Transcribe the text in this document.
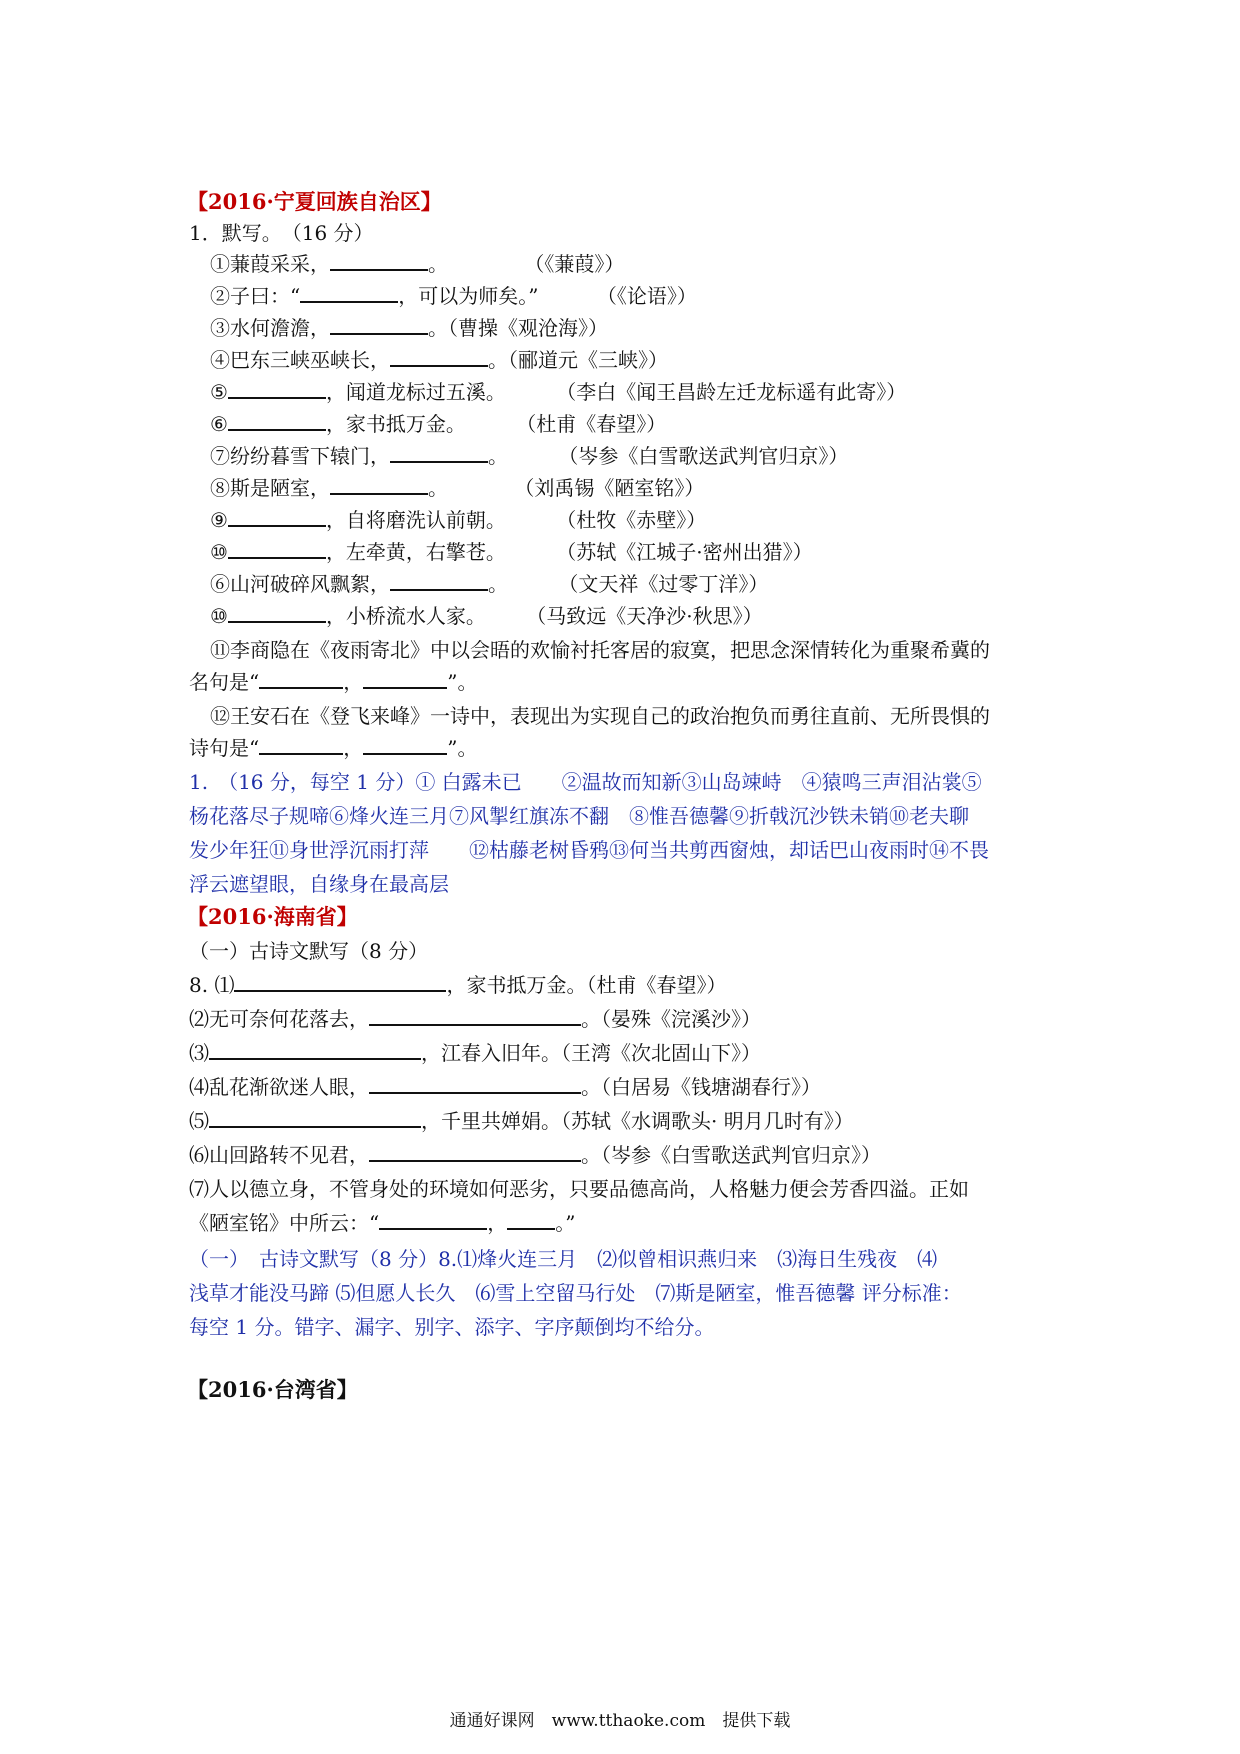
【2016·宁夏回族自治区】
1．默写。　（16 分）
①蒹葭采采，	。	（《蒹葭》）
②子曰：“	，可以为师矣。”	（《论语》）
③水何澹澹，	。（曹操《观沧海》）
④巴东三峡巫峡长，	。（郦道元《三峡》）
⑤	，闻道龙标过五溪。	（李白《闻王昌龄左迁龙标遥有此寄》）
⑥	，家书抵万金。	（杜甫《春望》）
⑦纷纷暮雪下辕门，	。	（岑参《白雪歌送武判官归京》）
⑧斯是陋室，	。	（刘禹锡《陋室铭》）
⑨	，自将磨洗认前朝。	（杜牧《赤壁》）
⑩	，左牵黄，右擎苍。	（苏轼《江城子·密州出猎》）
⑥山河破碎风飘絮，	。	（文天祥《过零丁洋》）
⑩	，小桥流水人家。 （马致远《天净沙·秋思》）
⑪李商隐在《夜雨寄北》中以会晤的欢愉衬托客居的寂寞，把思念深情转化为重聚希冀的
名句是“	，	”。
⑫王安石在《登飞来峰》一诗中，表现出为实现自己的政治抱负而勇往直前、无所畏惧的
诗句是“	，	”。
1.　（16 分，每空 1 分）① 白露未已　　②温故而知新③山岛竦峙　④猿鸣三声泪沾裳⑤
杨花落尽子规啼⑥烽火连三月⑦风掣红旗冻不翻　⑧惟吾德馨⑨折戟沉沙铁未销⑩老夫聊
发少年狂⑪身世浮沉雨打萍　　⑫枯藤老树昏鸦⑬何当共剪西窗烛，却话巴山夜雨时⑭不畏
浮云遮望眼，自缘身在最高层
【2016·海南省】
（一）古诗文默写（8 分）
8. ⑴	，家书抵万金。（杜甫《春望》）
⑵无可奈何花落去，	。（晏殊《浣溪沙》）
⑶	，江春入旧年。（王湾《次北固山下》）
⑷乱花渐欲迷人眼，	。（白居易《钱塘湖春行》）
⑸	，千里共婵娟。（苏轼《水调歌头· 明月几时有》）
⑹山回路转不见君，	。（岑参《白雪歌送武判官归京》）
⑺人以德立身，不管身处的环境如何恶劣，只要品德高尚，人格魅力便会芳香四溢。正如
《陋室铭》中所云：“	， 。”
（一）　古诗文默写（8 分）8.⑴烽火连三月　⑵似曾相识燕归来　⑶海日生残夜　⑷
浅草才能没马蹄 ⑸但愿人长久　⑹雪上空留马行处　⑺斯是陋室，惟吾德馨 评分标准：
每空 1 分。错字、漏字、别字、添字、字序颠倒均不给分。
【2016·台湾省】
通通好课网　www.tthaoke.com　提供下载
